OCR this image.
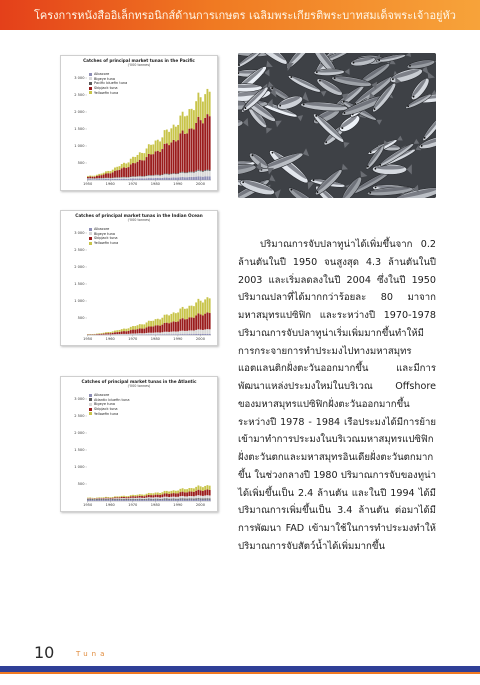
โครงการหนังสืออิเล็กทรอนิกส์ด้านการเกษตร เฉลิมพระเกียรติพระบาทสมเด็จพระเจ้าอยู่หัว
500
1 000
1 500
2 000
2 500
3 000
1950	1960	1970	1980	1990	2000
Catches of principal market tunas in the Pacific
('000 tonnes)
Albacore
Bigeye tuna
Pacific bluefin tuna
Skipjack tuna
Yellowfin tuna
500
1 000
1 500
2 000
2 500
3 000
1950	1960	1970	1980	1990	2000
Catches of principal market tunas in the Indian Ocean
('000 tonnes)
Albacore
Bigeye tuna
Skipjack tuna
Yellowfin tuna
500
1 000
1 500
2 000
2 500
3 000
1950	1960	1970	1980	1990	2000
Catches of principal market tunas in the Atlantic
('000 tonnes)
Albacore
Atlantic bluefin tuna
Bigeye tuna
Skipjack tuna
Yellowfin tuna
ปริมาณการจับปลาทูน่าได้เพิ่มขึ้นจาก 0.2 ล้านตันในปี 1950 จนสูงสุด 4.3 ล้านตันในปี 2003 และเริ่มลดลงในปี 2004 ซึ่งในปี 1950 ปริมาณปลาที่ได้มากกว่าร้อยละ 80 มาจากมหาสมุทรแปซิฟิก และระหว่างปี 1970-1978 ปริมาณการจับปลาทูน่าเริ่มเพิ่มมากขึ้นทำให้มีการกระจายการทำประมงไปทางมหาสมุทรแอตแลนติกฝั่งตะวันออกมากขึ้น และมีการพัฒนาแหล่งประมงใหม่ในบริเวณ Offshore ของมหาสมุทรแปซิฟิกฝั่งตะวันออกมากขึ้น ระหว่างปี 1978 - 1984 เรือประมงได้มีการย้ายเข้ามาทำการประมงในบริเวณมหาสมุทรแปซิฟิกฝั่งตะวันตกและมหาสมุทรอินเดียฝั่งตะวันตกมากขึ้น ในช่วงกลางปี 1980 ปริมาณการจับของทูน่าได้เพิ่มขึ้นเป็น 2.4 ล้านตัน และในปี 1994 ได้มีปริมาณการเพิ่มขึ้นเป็น 3.4 ล้านตัน ต่อมาได้มีการพัฒนา FAD เข้ามาใช้ในการทำประมงทำให้ปริมาณการจับสัตว์น้ำได้เพิ่มมากขึ้น
10	Tuna
